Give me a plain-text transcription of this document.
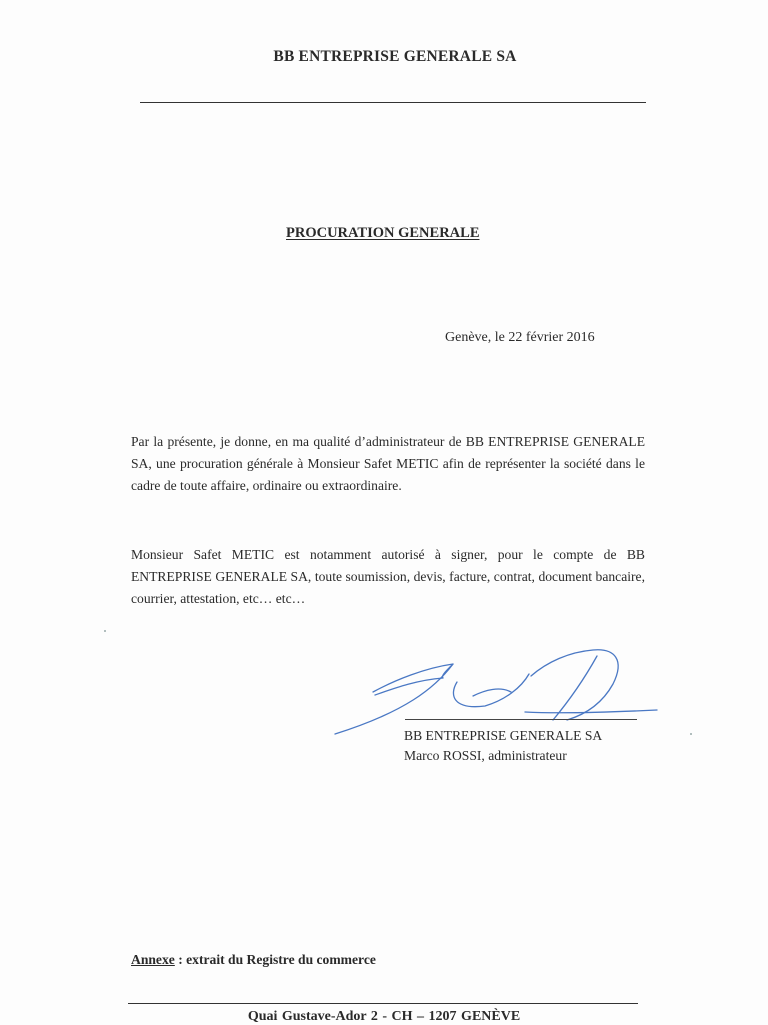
BB ENTREPRISE GENERALE SA
PROCURATION GENERALE
Genève, le 22 février 2016
Par la présente, je donne, en ma qualité d’administrateur de BB ENTREPRISE GENERALE SA, une procuration générale à Monsieur Safet METIC afin de représenter la société dans le cadre de toute affaire, ordinaire ou extraordinaire.
Monsieur Safet METIC est notamment autorisé à signer, pour le compte de BB ENTREPRISE GENERALE SA, toute soumission, devis, facture, contrat, document bancaire, courrier, attestation, etc… etc…
BB ENTREPRISE GENERALE SA
Marco ROSSI, administrateur
Annexe : extrait du Registre du commerce
Quai Gustave-Ador 2 - CH – 1207 GENÈVE
